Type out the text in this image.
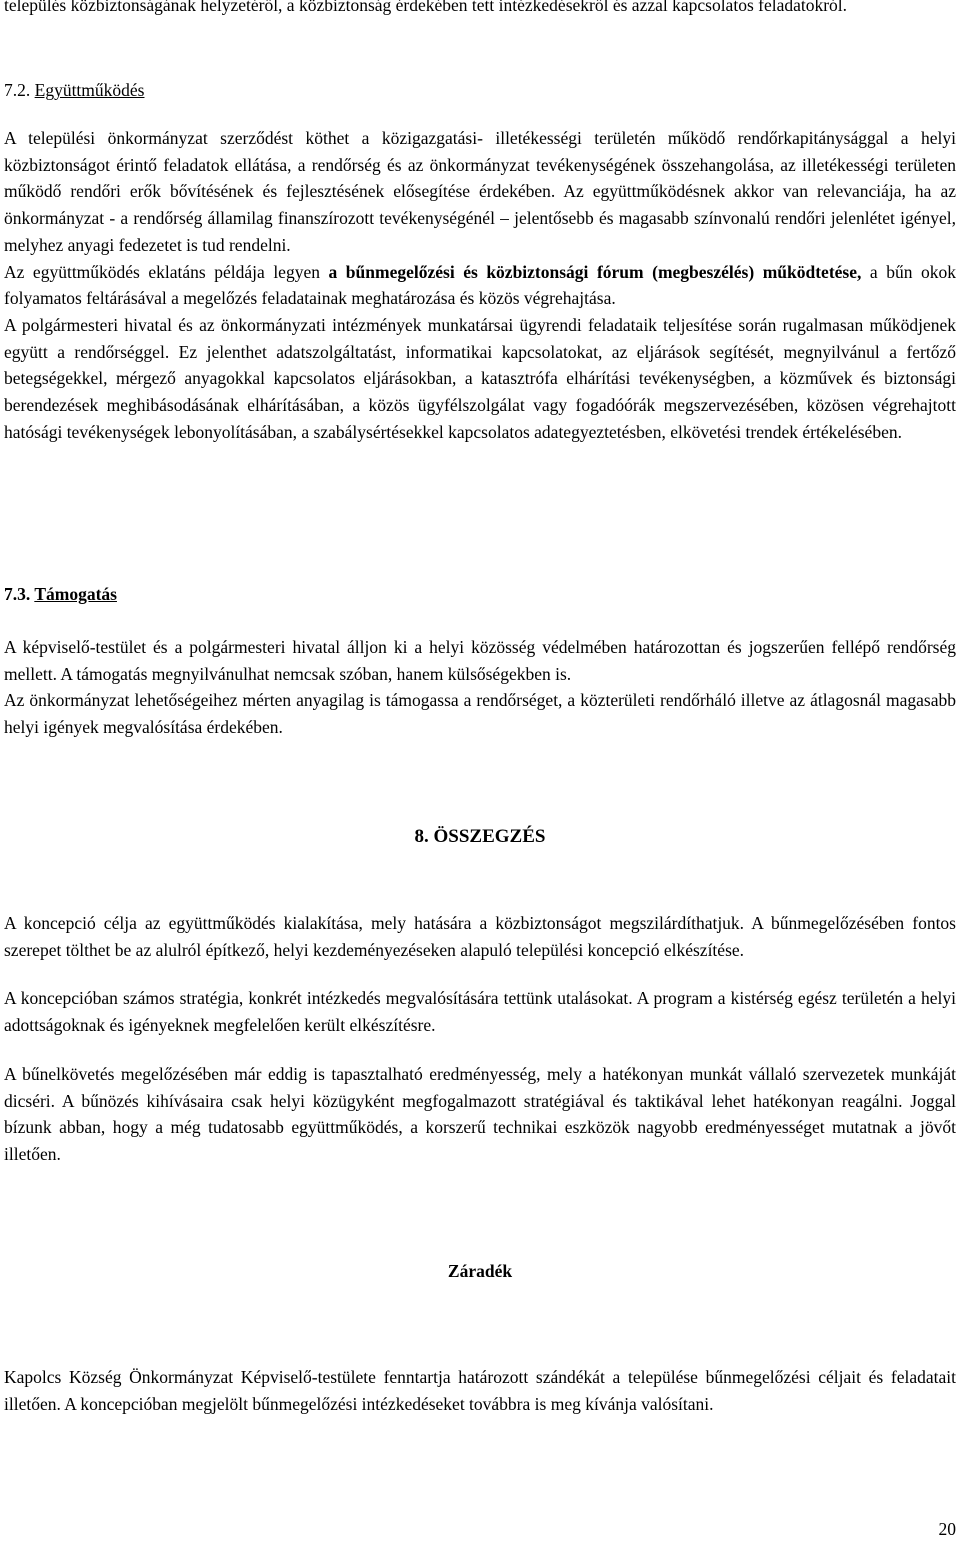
település közbiztonságának helyzetéről, a közbiztonság érdekében tett intézkedésekről és azzal kapcsolatos feladatokról.

7.2. Együttműködés

A települési önkormányzat szerződést köthet a közigazgatási- illetékességi területén működő rendőrkapitánysággal a helyi közbiztonságot érintő feladatok ellátása, a rendőrség és az önkormányzat tevékenységének összehangolása, az illetékességi területen működő rendőri erők bővítésének és fejlesztésének elősegítése érdekében. Az együttműködésnek akkor van relevanciája, ha az önkormányzat - a rendőrség államilag finanszírozott tevékenységénél – jelentősebb és magasabb színvonalú rendőri jelenlétet igényel, melyhez anyagi fedezetet is tud rendelni.

Az együttműködés eklatáns példája legyen a bűnmegelőzési és közbiztonsági fórum (megbeszélés) működtetése, a bűn okok folyamatos feltárásával a megelőzés feladatainak meghatározása és közös végrehajtása.

A polgármesteri hivatal és az önkormányzati intézmények munkatársai ügyrendi feladataik teljesítése során rugalmasan működjenek együtt a rendőrséggel. Ez jelenthet adatszolgáltatást, informatikai kapcsolatokat, az eljárások segítését, megnyilvánul a fertőző betegségekkel, mérgező anyagokkal kapcsolatos eljárásokban, a katasztrófa elhárítási tevékenységben, a közművek és biztonsági berendezések meghibásodásának elhárításában, a közös ügyfélszolgálat vagy fogadóórák megszervezésében, közösen végrehajtott hatósági tevékenységek lebonyolításában, a szabálysértésekkel kapcsolatos adategyeztetésben, elkövetési trendek értékelésében.

7.3. Támogatás

A képviselő-testület és a polgármesteri hivatal álljon ki a helyi közösség védelmében határozottan és jogszerűen fellépő rendőrség mellett. A támogatás megnyilvánulhat nemcsak szóban, hanem külsőségekben is.

Az önkormányzat lehetőségeihez mérten anyagilag is támogassa a rendőrséget, a közterületi rendőrháló illetve az átlagosnál magasabb helyi igények megvalósítása érdekében.

8. ÖSSZEGZÉS

A koncepció célja az együttműködés kialakítása, mely hatására a közbiztonságot megszilárdíthatjuk. A bűnmegelőzésében fontos szerepet tölthet be az alulról építkező, helyi kezdeményezéseken alapuló települési koncepció elkészítése.

A koncepcióban számos stratégia, konkrét intézkedés megvalósítására tettünk utalásokat. A program a kistérség egész területén a helyi adottságoknak és igényeknek megfelelően került elkészítésre.

A bűnelkövetés megelőzésében már eddig is tapasztalható eredményesség, mely a hatékonyan munkát vállaló szervezetek munkáját dicséri. A bűnözés kihívásaira csak helyi közügyként megfogalmazott stratégiával és taktikával lehet hatékonyan reagálni. Joggal bízunk abban, hogy a még tudatosabb együttműködés, a korszerű technikai eszközök nagyobb eredményességet mutatnak a jövőt illetően.

Záradék

Kapolcs Község Önkormányzat Képviselő-testülete fenntartja határozott szándékát a települése bűnmegelőzési céljait és feladatait illetően. A koncepcióban megjelölt bűnmegelőzési intézkedéseket továbbra is meg kívánja valósítani.

20
